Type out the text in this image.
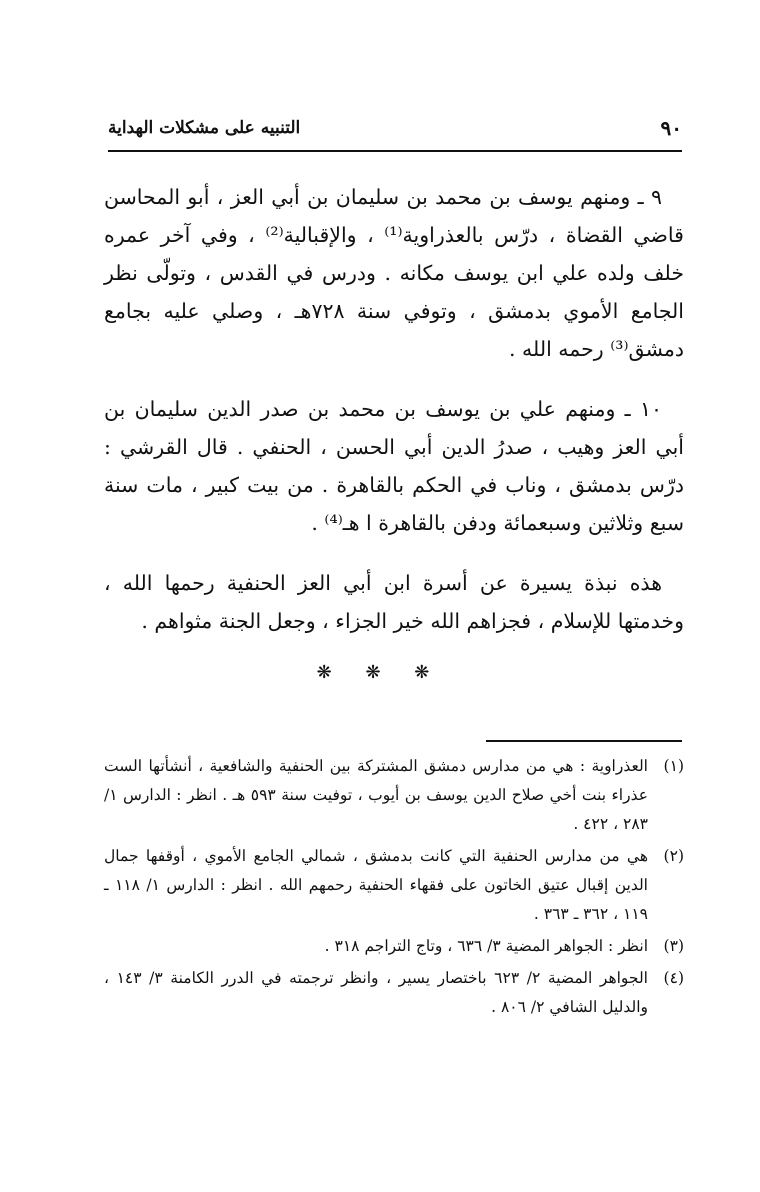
٩٠
التنبيه على مشكلات الهداية

٩ ـ ومنهم يوسف بن محمد بن سليمان بن أبي العز ، أبو المحاسن قاضي القضاة ، درّس بالعذراوية⁽¹⁾ ، والإقبالية⁽²⁾ ، وفي آخر عمره خلف ولده علي ابن يوسف مكانه . ودرس في القدس ، وتولّى نظر الجامع الأموي بدمشق ، وتوفي سنة ٧٢٨هـ ، وصلي عليه بجامع دمشق⁽³⁾ رحمه الله .

١٠ ـ ومنهم علي بن يوسف بن محمد بن صدر الدين سليمان بن أبي العز وهيب ، صدرُ الدين أبي الحسن ، الحنفي . قال القرشي : درّس بدمشق ، وناب في الحكم بالقاهرة . من بيت كبير ، مات سنة سبع وثلاثين وسبعمائة ودفن بالقاهرة ا هـ⁽⁴⁾ .

هذه نبذة يسيرة عن أسرة ابن أبي العز الحنفية رحمها الله ، وخدمتها للإسلام ، فجزاهم الله خير الجزاء ، وجعل الجنة مثواهم .

❋ ❋ ❋
(١)
العذراوية : هي من مدارس دمشق المشتركة بين الحنفية والشافعية ، أنشأتها الست عذراء بنت أخي صلاح الدين يوسف بن أيوب ، توفيت سنة ٥٩٣ هـ . انظر : الدارس ١/ ٢٨٣ ، ٤٢٢ .
(٢)
هي من مدارس الحنفية التي كانت بدمشق ، شمالي الجامع الأموي ، أوقفها جمال الدين إقبال عتيق الخاتون على فقهاء الحنفية رحمهم الله . انظر : الدارس ١/ ١١٨ ـ ١١٩ ، ٣٦٢ ـ ٣٦٣ .
(٣)
انظر : الجواهر المضية ٣/ ٦٣٦ ، وتاج التراجم ٣١٨ .
(٤)
الجواهر المضية ٢/ ٦٢٣ باختصار يسير ، وانظر ترجمته في الدرر الكامنة ٣/ ١٤٣ ، والدليل الشافي ٢/ ٨٠٦ .
